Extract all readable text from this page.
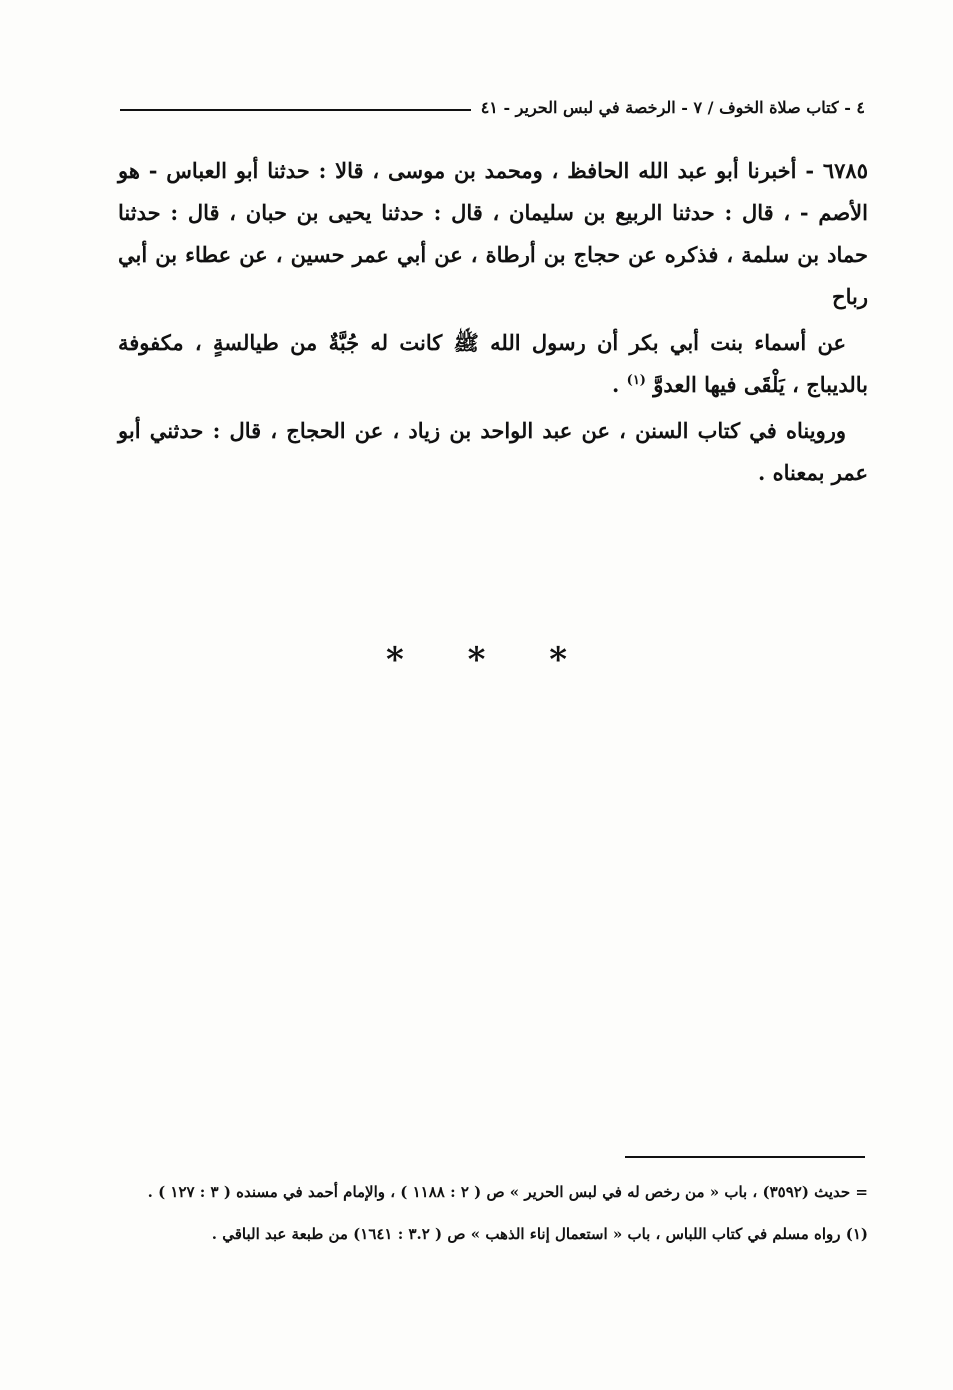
٤ - كتاب صلاة الخوف / ٧ - الرخصة في لبس الحرير - ٤١

٦٧٨٥ - أخبرنا أبو عبد الله الحافظ ، ومحمد بن موسى ، قالا : حدثنا أبو العباس - هو الأصم - ، قال : حدثنا الربيع بن سليمان ، قال : حدثنا يحيى بن حبان ، قال : حدثنا حماد بن سلمة ، فذكره عن حجاج بن أرطاة ، عن أبي عمر حسين ، عن عطاء بن أبي رباح

عن أسماء بنت أبي بكر أن رسول الله ﷺ كانت له جُبَّةٌ من طيالسةٍ ، مكفوفة بالديباج ، يَلْقَى فيها العدوَّ $^{(١)}$ .

ورويناه في كتاب السنن ، عن عبد الواحد بن زياد ، عن الحجاج ، قال : حدثني أبو عمر بمعناه .

* * *

= حديث (٣٥٩٢) ، باب « من رخص له في لبس الحرير » ص ( ٢ : ١١٨٨ ) ، والإمام أحمد في مسنده ( ٣ : ١٢٧ ) .

(١) رواه مسلم في كتاب اللباس ، باب « استعمال إناء الذهب » ص ( ٣.٢ : ١٦٤١) من طبعة عبد الباقي .
